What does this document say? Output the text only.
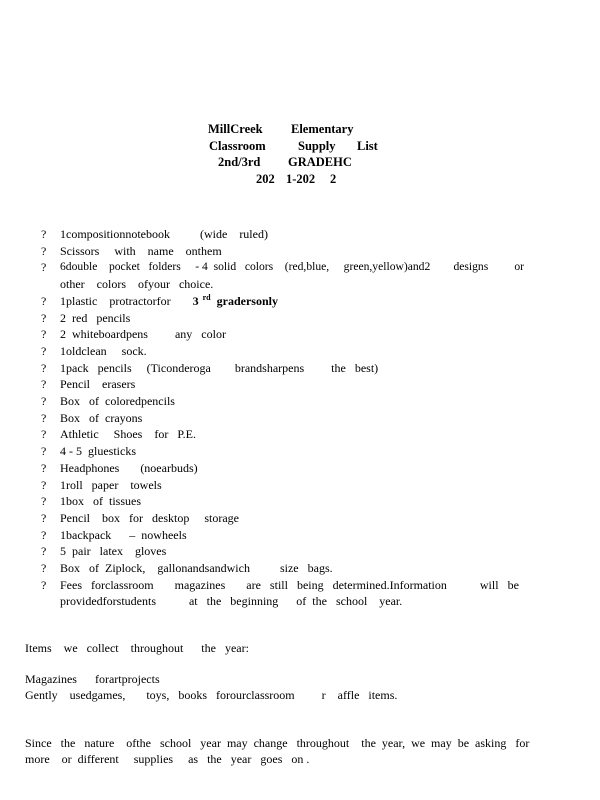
MillCreek Elementary
Classroom	Supply List
2nd/3rd GRADEHC
202 1-202 2
? 1compositionnotebook          (wide    ruled)
? Scissors     with    name    onthem
? 6double    pocket   folders     - 4  solid   colors    (red,blue,     green,yellow)and2        designs         or
other    colors    ofyour   choice.
? 1plastic    protractorfor 3 $^{rd}$ gradersonly
? 2  red   pencils
? 2  whiteboardpens         any   color
? 1oldclean     sock.
? 1pack   pencils     (Ticonderoga        brandsharpens         the   best)
? Pencil    erasers
? Box   of  coloredpencils
? Box   of  crayons
? Athletic     Shoes    for   P.E.
? 4 - 5  gluesticks
? Headphones       (noearbuds)
? 1roll   paper    towels
? 1box   of  tissues
? Pencil    box   for   desktop     storage
? 1backpack      –  nowheels
? 5  pair   latex    gloves
? Box   of  Ziplock,    gallonandsandwich          size   bags.
? Fees   forclassroom       magazines       are   still   being   determined.Information           will   be
providedforstudents           at   the   beginning      of  the   school    year.

Items    we   collect    throughout      the   year:

Magazines      forartprojects

Gently    usedgames,       toys,   books   forourclassroom         r    affle   items.

Since   the   nature    ofthe   school   year  may  change   throughout    the  year,  we  may  be  asking   for

more    or  different     supplies     as   the   year   goes   on .
